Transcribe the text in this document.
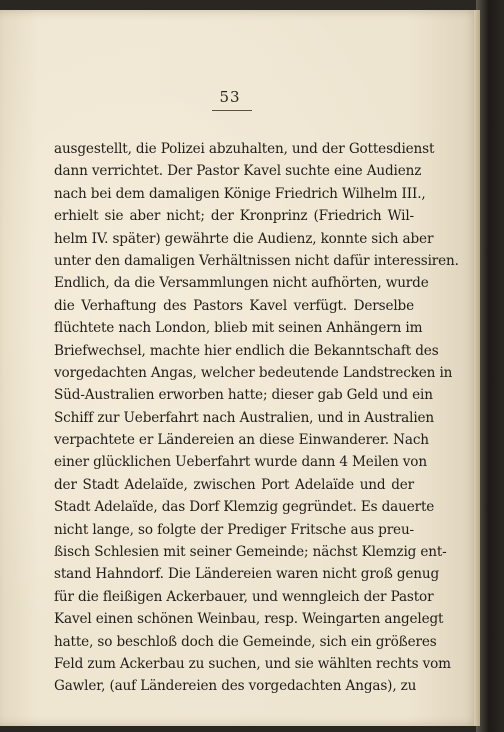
53
ausgestellt, die Polizei abzuhalten, und der Gottesdienst
dann verrichtet. Der Pastor Kavel suchte eine Audienz
nach bei dem damaligen Könige Friedrich Wilhelm III.,
erhielt sie aber nicht; der Kronprinz (Friedrich Wil-
helm IV. später) gewährte die Audienz, konnte sich aber
unter den damaligen Verhältnissen nicht dafür interessiren.
Endlich, da die Versammlungen nicht aufhörten, wurde
die Verhaftung des Pastors Kavel verfügt. Derselbe
flüchtete nach London, blieb mit seinen Anhängern im
Briefwechsel, machte hier endlich die Bekanntschaft des
vorgedachten Angas, welcher bedeutende Landstrecken in
Süd-Australien erworben hatte; dieser gab Geld und ein
Schiff zur Ueberfahrt nach Australien, und in Australien
verpachtete er Ländereien an diese Einwanderer. Nach
einer glücklichen Ueberfahrt wurde dann 4 Meilen von
der Stadt Adelaïde, zwischen Port Adelaïde und der
Stadt Adelaïde, das Dorf Klemzig gegründet. Es dauerte
nicht lange, so folgte der Prediger Fritsche aus preu-
ßisch Schlesien mit seiner Gemeinde; nächst Klemzig ent-
stand Hahndorf. Die Ländereien waren nicht groß genug
für die fleißigen Ackerbauer, und wenngleich der Pastor
Kavel einen schönen Weinbau, resp. Weingarten angelegt
hatte, so beschloß doch die Gemeinde, sich ein größeres
Feld zum Ackerbau zu suchen, und sie wählten rechts vom
Gawler, (auf Ländereien des vorgedachten Angas), zu
